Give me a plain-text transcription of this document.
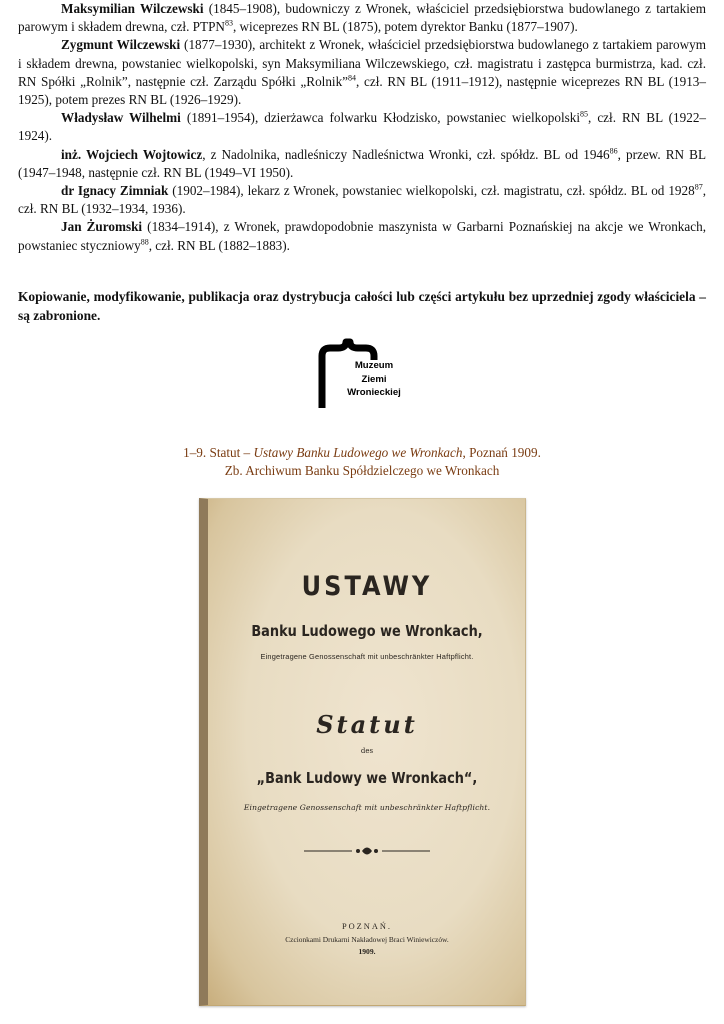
Maksymilian Wilczewski (1845–1908), budowniczy z Wronek, właściciel przedsiębiorstwa budowlanego z tartakiem parowym i składem drewna, czł. PTPN$^{83}$, wiceprezes RN BL (1875), potem dyrektor Banku (1877–1907).

Zygmunt Wilczewski (1877–1930), architekt z Wronek, właściciel przedsiębiorstwa budowlanego z tartakiem parowym i składem drewna, powstaniec wielkopolski, syn Maksymiliana Wilczewskiego, czł. magistratu i zastępca burmistrza, kad. czł. RN Spółki „Rolnik”, następnie czł. Zarządu Spółki „Rolnik”$^{84}$, czł. RN BL (1911–1912), następnie wiceprezes RN BL (1913–1925), potem prezes RN BL (1926–1929).

Władysław Wilhelmi (1891–1954), dzierżawca folwarku Kłodzisko, powstaniec wielkopolski$^{85}$, czł. RN BL (1922–1924).

inż. Wojciech Wojtowicz, z Nadolnika, nadleśniczy Nadleśnictwa Wronki, czł. spółdz. BL od 1946$^{86}$, przew. RN BL (1947–1948, następnie czł. RN BL (1949–VI 1950).

dr Ignacy Zimniak (1902–1984), lekarz z Wronek, powstaniec wielkopolski, czł. magistratu, czł. spółdz. BL od 1928$^{87}$, czł. RN BL (1932–1934, 1936).

Jan Żuromski (1834–1914), z Wronek, prawdopodobnie maszynista w Garbarni Poznańskiej na akcje we Wronkach, powstaniec styczniowy$^{88}$, czł. RN BL (1882–1883).

Kopiowanie, modyfikowanie, publikacja oraz dystrybucja całości lub części artykułu bez uprzedniej zgody właściciela – są zabronione.
Muzeum
Ziemi
Wronieckiej
1–9. Statut – Ustawy Banku Ludowego we Wronkach, Poznań 1909.
Zb. Archiwum Banku Spółdzielczego we Wronkach
USTAWY
Banku Ludowego we Wronkach,
Eingetragene Genossenschaft mit unbeschränkter Haftpflicht.
Statut
des
„Bank Ludowy we Wronkach“,
Eingetragene Genossenschaft mit unbeschränkter Haftpflicht.
POZNAŃ.
Czcionkami Drukarni Nakładowej Braci Winiewiczów.
1909.
